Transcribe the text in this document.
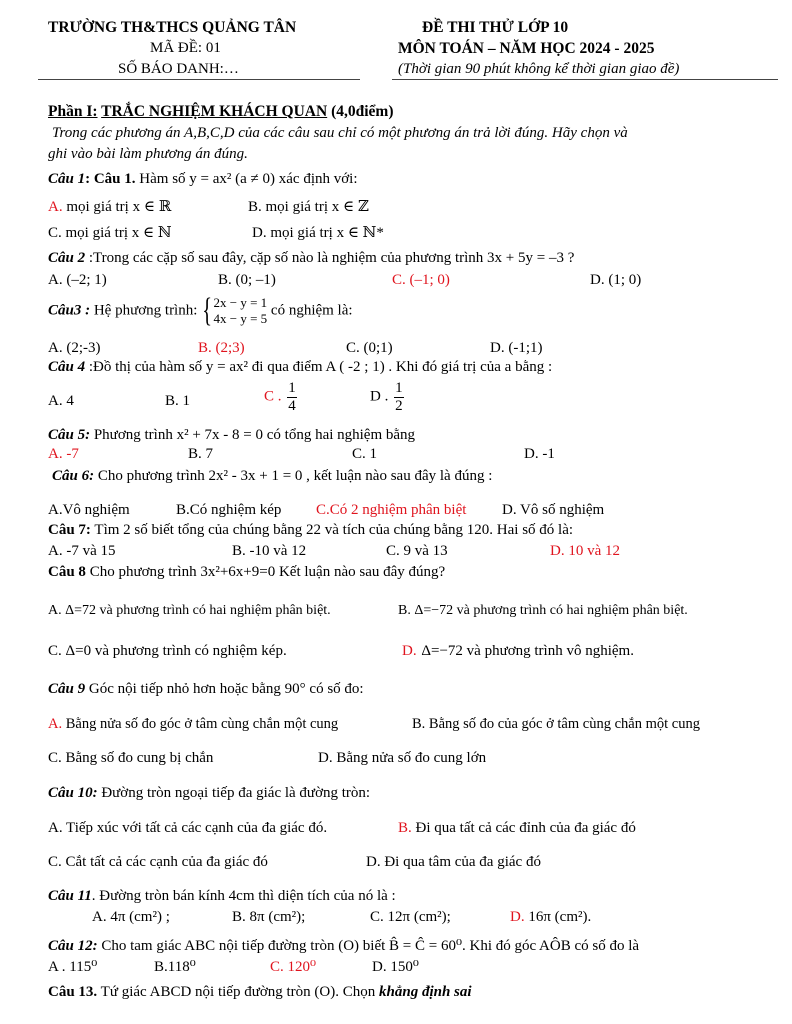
TRƯỜNG TH&THCS QUẢNG TÂN
MÃ ĐỀ: 01
SỐ BÁO DANH:…
ĐỀ THI THỬ LỚP 10
MÔN TOÁN – NĂM HỌC 2024 - 2025
(Thời gian 90 phút không kể thời gian giao đề)
Phần I: TRẮC NGHIỆM KHÁCH QUAN (4,0điểm)
Trong các phương án A,B,C,D của các câu sau chỉ có một phương án trả lời đúng. Hãy chọn và
ghi vào bài làm phương án đúng.
Câu 1: Câu 1. Hàm số y = ax² (a ≠ 0) xác định với:
A. mọi giá trị x ∈ ℝ	B. mọi giá trị x ∈ ℤ
C. mọi giá trị x ∈ ℕ	D. mọi giá trị x ∈ ℕ*
Câu 2 :Trong các cặp số sau đây, cặp số nào là nghiệm của phương trình 3x + 5y = –3 ?
A. (–2; 1)	B. (0; –1)	C. (–1; 0)	D. (1; 0)
Câu3 : Hệ phương trình: { 2x − y = 1
4x − y = 5
có nghiệm là:
A. (2;-3)	B. (2;3)	C. (0;1)	D. (-1;1)
Câu 4 :Đồ thị của hàm số y = ax² đi qua điểm A ( -2 ; 1) . Khi đó giá trị của a bằng :
A. 4	B. 1	C . $\frac{1}{4}$	D . $\frac{1}{2}$
Câu 5: Phương trình x² + 7x - 8 = 0 có tổng hai nghiệm bằng
A. -7	B. 7	C. 1	D. -1
Câu 6: Cho phương trình 2x² - 3x + 1 = 0 , kết luận nào sau đây là đúng :
A.Vô nghiệm	B.Có nghiệm kép C.Có 2 nghiệm phân biệt D. Vô số nghiệm
Câu 7: Tìm 2 số biết tổng của chúng bằng 22 và tích của chúng bằng 120. Hai số đó là:
A. -7 và 15	B. -10 và 12	C. 9 và 13	D. 10 và 12
Câu 8 Cho phương trình 3x²+6x+9=0 Kết luận nào sau đây đúng?
A. Δ=72 và phương trình có hai nghiệm phân biệt.	B. Δ=−72 và phương trình có hai nghiệm phân biệt.
C. Δ=0 và phương trình có nghiệm kép.	D. Δ=−72 và phương trình vô nghiệm.
Câu 9 Góc nội tiếp nhỏ hơn hoặc bằng 90° có số đo:
A. Bằng nửa số đo góc ở tâm cùng chắn một cung	B. Bằng số đo của góc ở tâm cùng chắn một cung
C. Bằng số đo cung bị chắn	D. Bằng nửa số đo cung lớn
Câu 10: Đường tròn ngoại tiếp đa giác là đường tròn:
A. Tiếp xúc với tất cả các cạnh của đa giác đó.	B. Đi qua tất cả các đỉnh của đa giác đó
C. Cắt tất cả các cạnh của đa giác đó	D. Đi qua tâm của đa giác đó
Câu 11. Đường tròn bán kính 4cm thì diện tích của nó là :
A. 4π (cm²) ;	B. 8π (cm²);	C. 12π (cm²);	D. 16π (cm²).
Câu 12: Cho tam giác ABC nội tiếp đường tròn (O) biết B̂ = Ĉ = 60⁰. Khi đó góc AÔB có số đo là
A . 115⁰	B.118⁰	C. 120⁰	D. 150⁰
Câu 13. Tứ giác ABCD nội tiếp đường tròn (O). Chọn khẳng định sai
